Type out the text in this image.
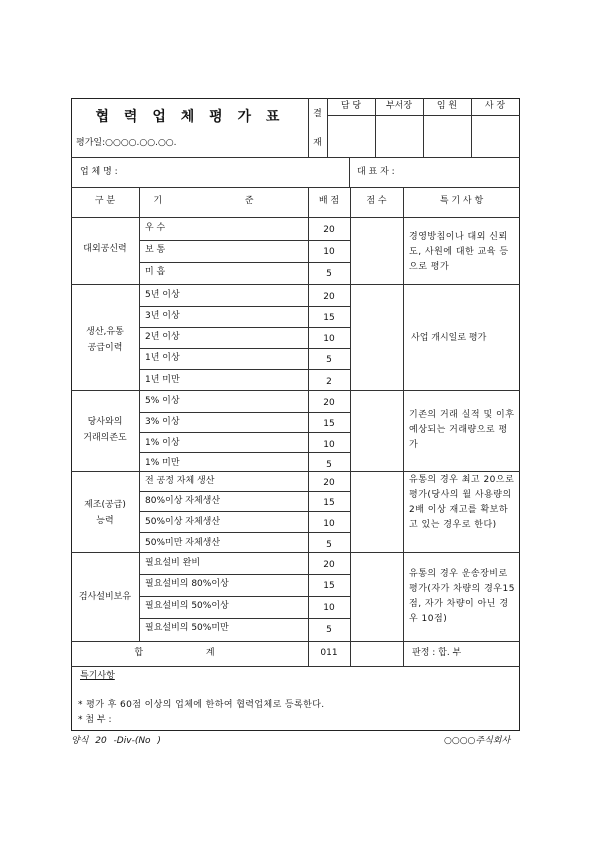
협 력 업 체 평 가 표
평가일:○○○○.○○.○○.
결
재
담 당	부서장	임 원	사 장
업 체 명 :	대 표 자 :
구 분	기 준	배 점	점 수	특 기 사 항
대외공신력
우 수	20
보 통	10
미 흡	5
경영방침이나 대외 신뢰도, 사원에 대한 교육 등으로 평가
생산,유통
공급이력
5년 이상	20
3년 이상	15
2년 이상	10
1년 이상	5
1년 미만	2
사업 개시일로 평가
당사와의
거래의존도
5% 이상	20
3% 이상	15
1% 이상	10
1% 미만	5
기존의 거래 실적 및 이후 예상되는 거래량으로 평가
제조(공급)
능력
전 공정 자체 생산	20
80%이상 자체생산	15
50%이상 자체생산	10
50%미만 자체생산	5
유통의 경우 최고 20으로 평가(당사의 월 사용량의 2배 이상 재고를 확보하고 있는 경우로 한다)
검사설비보유
필요설비 완비	20
필요설비의 80%이상	15
필요설비의 50%이상	10
필요설비의 50%미만	5
유통의 경우 운송장비로 평가(자가 차량의 경우15점, 자가 차량이 아닌 경우 10점)
합 계	011	판정 : 합. 부
특기사항
* 평가 후 60점 이상의 업체에 한하여 협력업체로 등록한다.
* 첨 부 :
양식 20 -Div-(No )	○○○○주식회사
